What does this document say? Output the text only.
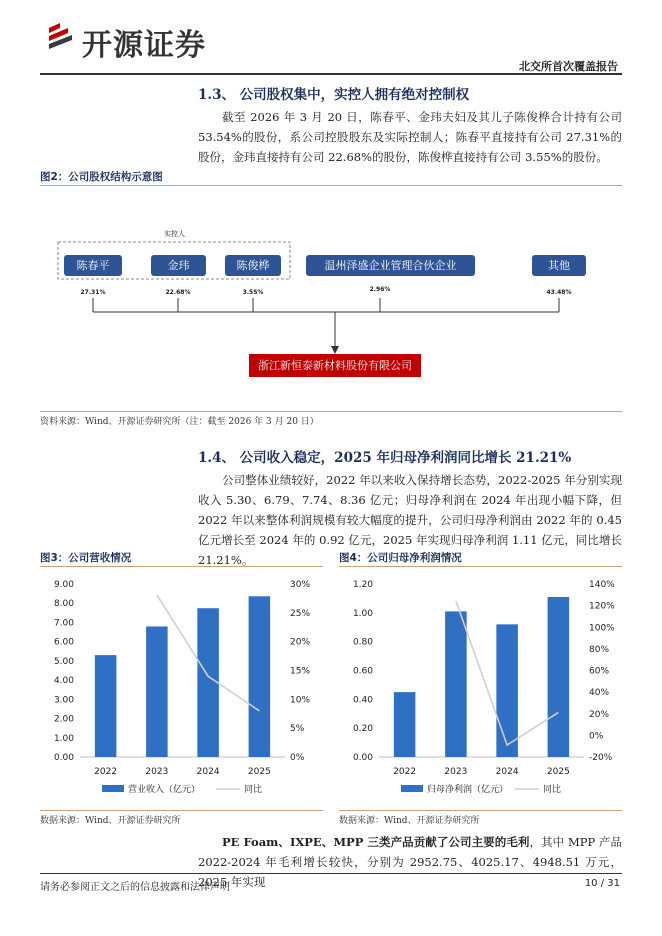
开源证券
北交所首次覆盖报告
1.3、 公司股权集中，实控人拥有绝对控制权
截至 2026 年 3 月 20 日，陈春平、金玮夫妇及其儿子陈俊桦合计持有公司 53.54%的股份，系公司控股股东及实际控制人；陈春平直接持有公司 27.31%的股份，金玮直接持有公司 22.68%的股份，陈俊桦直接持有公司 3.55%的股份。
图2：公司股权结构示意图
实控人
陈春平	金玮	陈俊桦	温州泽盛企业管理合伙企业	其他
27.31%	22.68%	3.55%	2.96%	43.48%
浙江新恒泰新材料股份有限公司
资料来源：Wind、开源证券研究所（注：截至 2026 年 3 月 20 日）
1.4、 公司收入稳定，2025 年归母净利润同比增长 21.21%
公司整体业绩较好，2022 年以来收入保持增长态势，2022-2025 年分别实现收入 5.30、6.79、7.74、8.36 亿元；归母净利润在 2024 年出现小幅下降，但 2022 年以来整体利润规模有较大幅度的提升，公司归母净利润由 2022 年的 0.45 亿元增长至 2024 年的 0.92 亿元，2025 年实现归母净利润 1.11 亿元，同比增长 21.21%。
图3：公司营收情况
0.00
1.00
2.00
3.00
4.00
5.00
6.00
7.00
8.00
9.00
0%
5%
10%
15%
20%
25%
30%
2022	2023	2024	2025
营业收入（亿元）	同比
数据来源：Wind、开源证券研究所
图4：公司归母净利润情况
0.00
0.20
0.40
0.60
0.80
1.00
1.20
-20%
0%
20%
40%
60%
80%
100%
120%
140%
2022	2023	2024	2025
归母净利润（亿元）	同比
数据来源：Wind、开源证券研究所
PE Foam、IXPE、MPP 三类产品贡献了公司主要的毛利，其中 MPP 产品 2022-2024 年毛利增长较快，分别为 2952.75、4025.17、4948.51 万元，2025 年实现
请务必参阅正文之后的信息披露和法律声明	10 / 31
